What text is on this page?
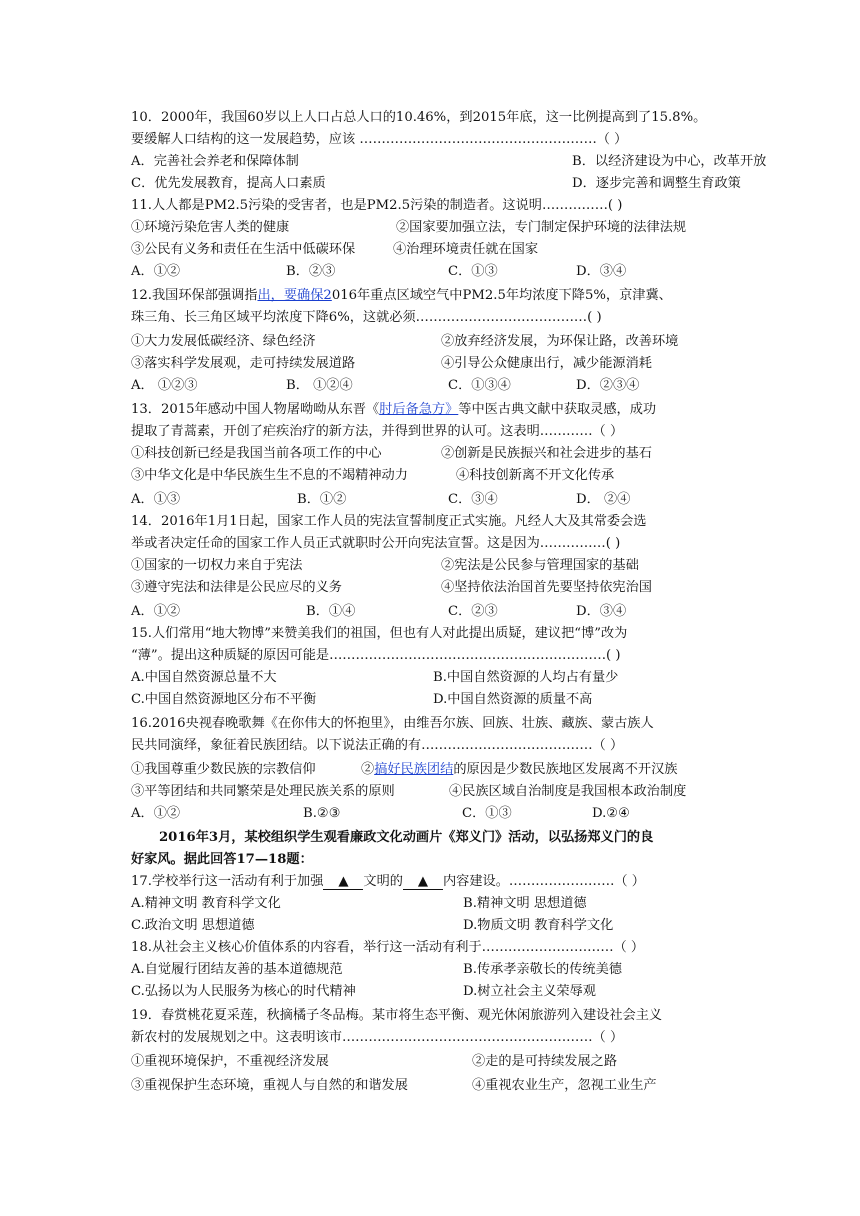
10．2000年，我国60岁以上人口占总人口的10.46%，到2015年底，这一比例提高到了15.8%。
要缓解人口结构的这一发展趋势，应该 ………………………………………………（ ）
A．完善社会养老和保障体制	B．以经济建设为中心，改革开放
C．优先发展教育，提高人口素质	D．逐步完善和调整生育政策
11.人人都是PM2.5污染的受害者，也是PM2.5污染的制造者。这说明……………( )
①环境污染危害人类的健康	②国家要加强立法，专门制定保护环境的法律法规
③公民有义务和责任在生活中低碳环保	④治理环境责任就在国家
A．①②	B．②③	C．①③	D．③④
12.我国环保部强调指出，要确保2016年重点区域空气中PM2.5年均浓度下降5%，京津冀、
珠三角、长三角区域平均浓度下降6%，这就必须…………………………………( )
①大力发展低碳经济、绿色经济	②放弃经济发展，为环保让路，改善环境
③落实科学发展观，走可持续发展道路	④引导公众健康出行，减少能源消耗
A． ①②③	B． ①②④	C．①③④	D．②③④
13．2015年感动中国人物屠呦呦从东晋《肘后备急方》等中医古典文献中获取灵感，成功
提取了青蒿素，开创了疟疾治疗的新方法，并得到世界的认可。这表明…………（ ）
①科技创新已经是我国当前各项工作的中心	②创新是民族振兴和社会进步的基石
③中华文化是中华民族生生不息的不竭精神动力	④科技创新离不开文化传承
A．①③	B．①②	C．③④	D． ②④
14．2016年1月1日起，国家工作人员的宪法宣誓制度正式实施。凡经人大及其常委会选
举或者决定任命的国家工作人员正式就职时公开向宪法宣誓。这是因为……………( )
①国家的一切权力来自于宪法	②宪法是公民参与管理国家的基础
③遵守宪法和法律是公民应尽的义务	④坚持依法治国首先要坚持依宪治国
A．①②	B．①④	C．②③	D．③④
15.人们常用“地大物博”来赞美我们的祖国，但也有人对此提出质疑，建议把“博”改为
“薄”。提出这种质疑的原因可能是………………………………………………………( )
A.中国自然资源总量不大	B.中国自然资源的人均占有量少
C.中国自然资源地区分布不平衡	D.中国自然资源的质量不高
16.2016央视春晚歌舞《在你伟大的怀抱里》，由维吾尔族、回族、壮族、藏族、蒙古族人
民共同演绎，象征着民族团结。以下说法正确的有…………………………………（ ）
①我国尊重少数民族的宗教信仰	②搞好民族团结的原因是少数民族地区发展离不开汉族
③平等团结和共同繁荣是处理民族关系的原则	④民族区域自治制度是我国根本政治制度
A．①②	B.②③	C．①③	D.②④
2016年3月，某校组织学生观看廉政文化动画片《郑义门》活动，以弘扬郑义门的良
好家风。据此回答17—18题：
17.学校举行这一活动有利于加强 ▲ 文明的 ▲ 内容建设。……………………（ ）
A.精神文明 教育科学文化	B.精神文明 思想道德
C.政治文明 思想道德	D.物质文明 教育科学文化
18.从社会主义核心价值体系的内容看，举行这一活动有利于…………………………（ ）
A.自觉履行团结友善的基本道德规范	B.传承孝亲敬长的传统美德
C.弘扬以为人民服务为核心的时代精神	D.树立社会主义荣辱观
19．春赏桃花夏采莲，秋摘橘子冬品梅。某市将生态平衡、观光休闲旅游列入建设社会主义
新农村的发展规划之中。这表明该市…………………………………………………（ ）
①重视环境保护，不重视经济发展	②走的是可持续发展之路
③重视保护生态环境，重视人与自然的和谐发展	④重视农业生产，忽视工业生产
